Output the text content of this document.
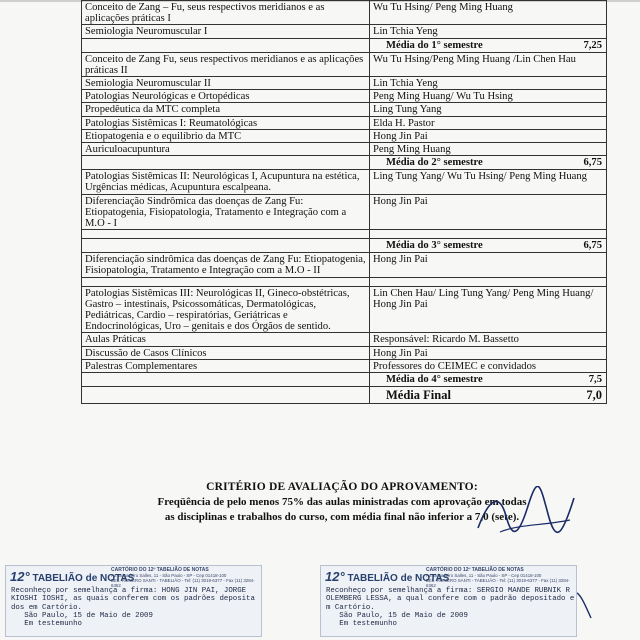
Conceito de Zang – Fu, seus respectivos meridianos e as aplicações práticas I	Wu Tu Hsing/ Peng Ming Huang
Semiologia Neuromuscular I	Lin Tchia Yeng
	Média do 1° semestre 7,25

Conceito de Zang Fu, seus respectivos meridianos e as aplicações práticas II	Wu Tu Hsing/Peng Ming Huang /Lin Chen Hau
Semiologia Neuromuscular II	Lin Tchia Yeng
Patologias Neurológicas e Ortopédicas	Peng Ming Huang/ Wu Tu Hsing
Propedêutica da MTC completa	Ling Tung Yang
Patologias Sistêmicas I: Reumatológicas	Elda H. Pastor
Etiopatogenia e o equilíbrio da MTC	Hong Jin Pai
Auriculoacupuntura	Peng Ming Huang
	Média do 2° semestre 6,75

Patologias Sistêmicas II: Neurológicas I, Acupuntura na estética, Urgências médicas, Acupuntura escalpeana.	Ling Tung Yang/ Wu Tu Hsing/ Peng Ming Huang
Diferenciação Sindrômica das doenças de Zang Fu: Etiopatogenia, Fisiopatologia, Tratamento e Integração com a M.O - I	Hong Jin Pai

	Média do 3° semestre 6,75

Diferenciação sindrômica das doenças de Zang Fu: Etiopatogenia, Fisiopatologia, Tratamento e Integração com a M.O - II	Hong Jin Pai

Patologias Sistêmicas III: Neurológicas II, Gineco-obstétricas, Gastro – intestinais, Psicossomáticas, Dermatológicas, Pediátricas, Cardio – respiratórias, Geriátricas e Endocrinológicas, Uro – genitais e dos Órgãos de sentido.	Lin Chen Hau/ Ling Tung Yang/ Peng Ming Huang/ Hong Jin Pai
Aulas Práticas	Responsável: Ricardo M. Bassetto
Discussão de Casos Clínicos	Hong Jin Pai
Palestras Complementares	Professores do CEIMEC e convidados
	Média do 4° semestre 7,5

	Média Final 7,0
CRITÉRIO DE AVALIAÇÃO DO APROVAMENTO:
Freqüência de pelo menos 75% das aulas ministradas com aprovação em todas
as disciplinas e trabalhos do curso, com média final não inferior a 7,0 (sete).
12° TABELIÃO de NOTAS
CARTÓRIO DO 12º TABELIÃO DE NOTAS
Av. Brigadeiro Salles, 11 - São Paulo - SP - Cep 01418-100
BEL. ROMERO SANTI - TABELIÃO - Tel: (11) 3019-6377 - Fax (11) 3284-6362
Reconheço por semelhança a firma: HONG JIN PAI, JORGE
KIOSHI IOSHI, as quais conferem com os padrões deposita
dos em Cartório.
São Paulo, 15 de Maio de 2009
Em testemunho
12° TABELIÃO de NOTAS
CARTÓRIO DO 12º TABELIÃO DE NOTAS
Av. Brigadeiro Salles, 11 - São Paulo - SP - Cep 01418-100
BEL. ROMERO SANTI - TABELIÃO - Tel: (11) 3019-6377 - Fax (11) 3284-6362
Reconheço por semelhança a firma: SERGIO MANDE RUBNIK R
OLEMBERG LESSA, a qual confere com o padrão depositado e
m Cartório.
São Paulo, 15 de Maio de 2009
Em testemunho
